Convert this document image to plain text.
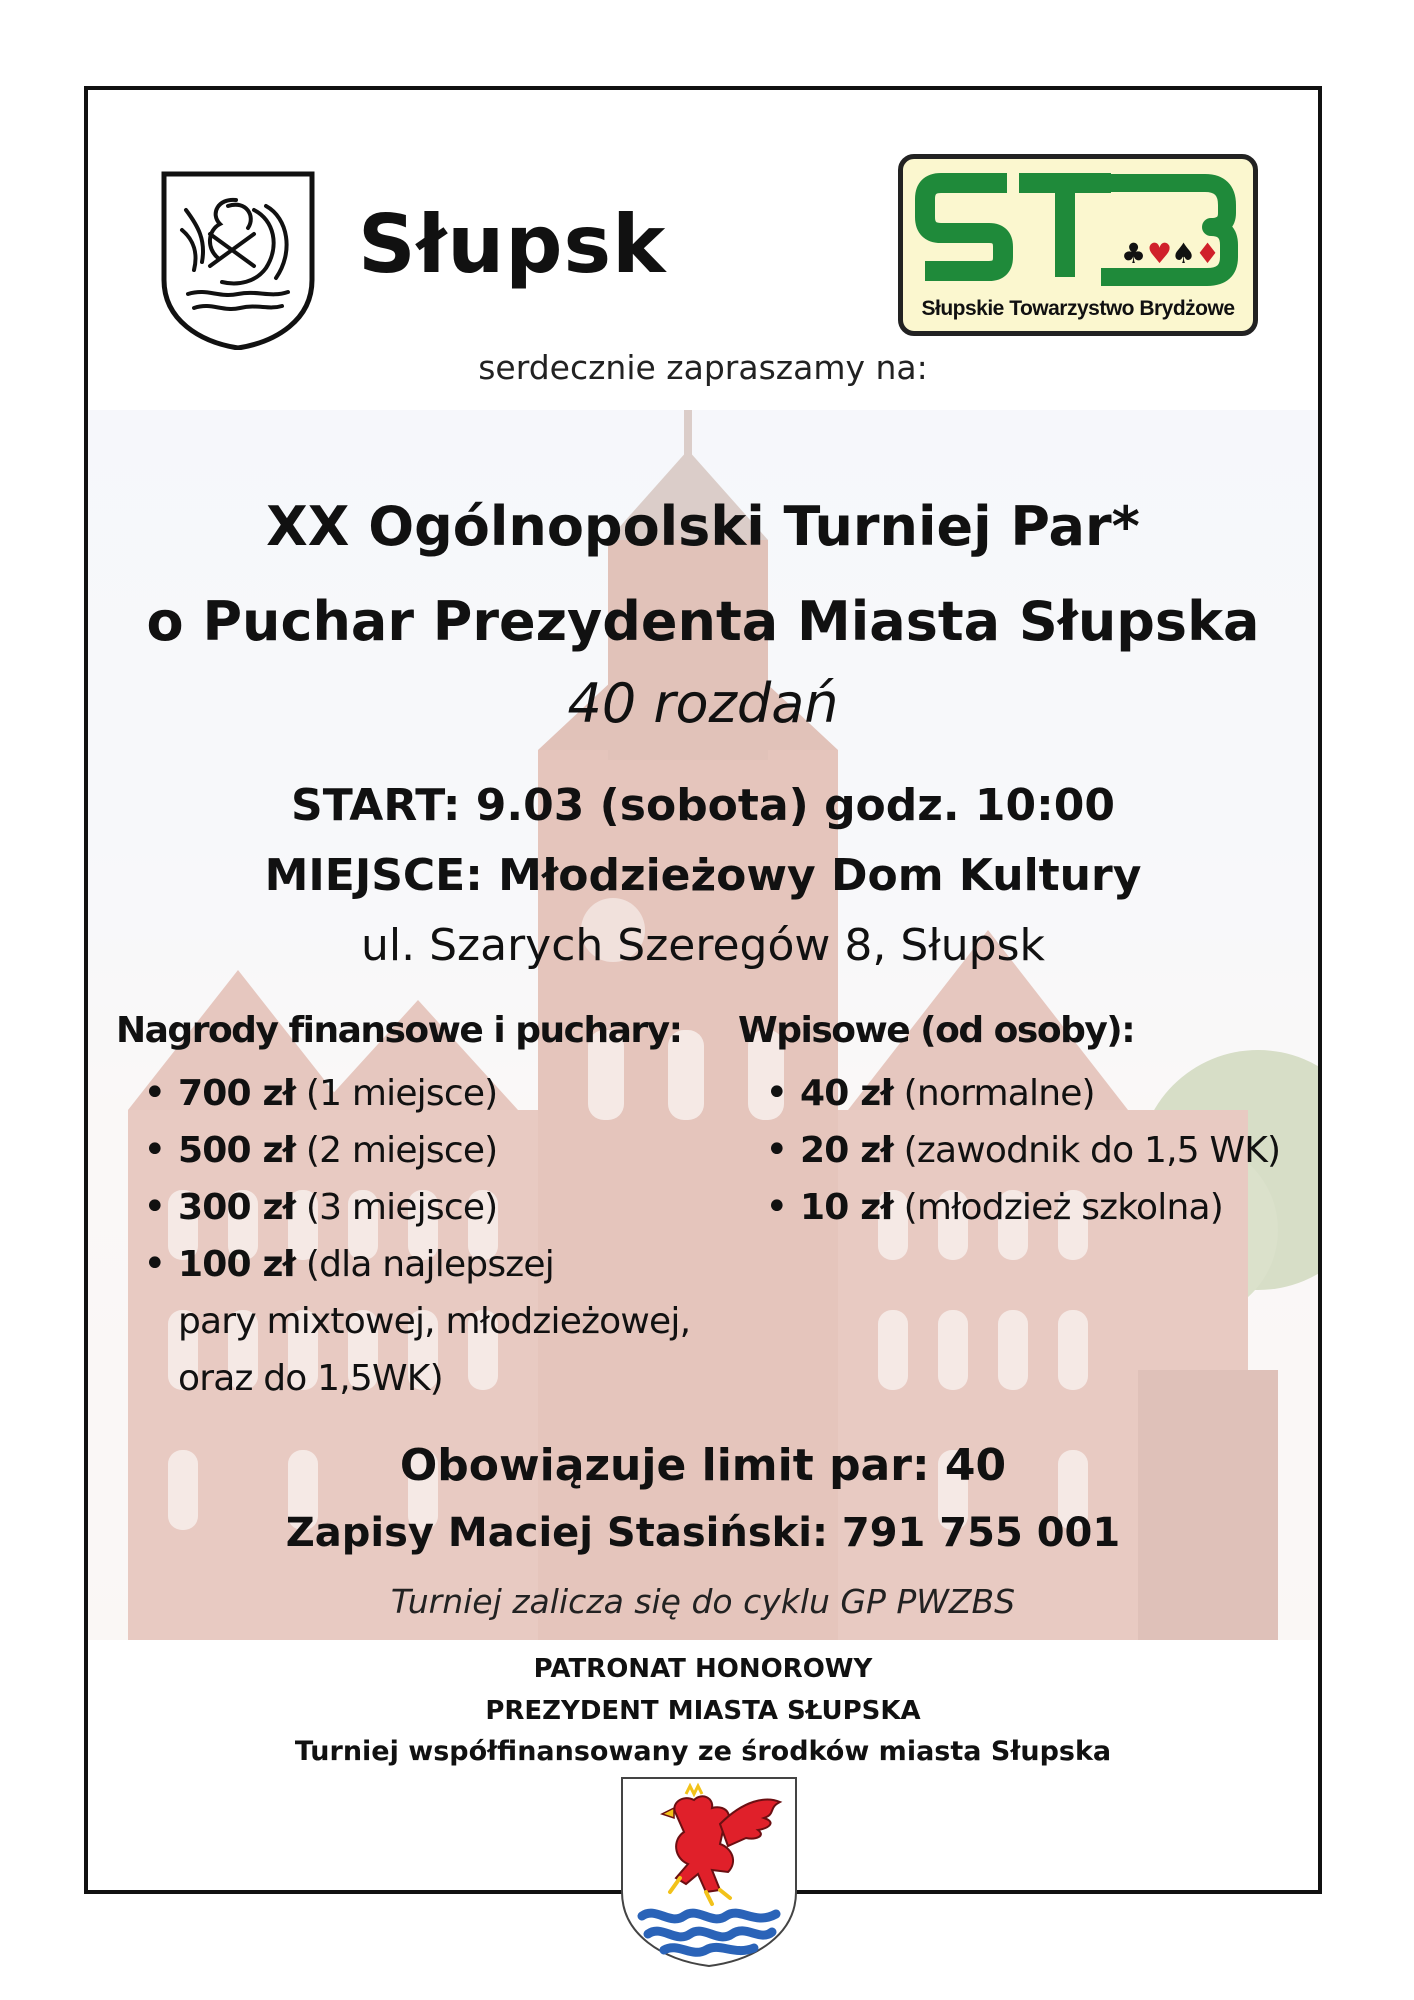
Słupsk	♣ ♥
♠
♦
Słupskie Towarzystwo Brydżowe
serdecznie zapraszamy na:
XX Ogólnopolski Turniej Par*
o Puchar Prezydenta Miasta Słupska
40 rozdań
START: 9.03 (sobota) godz. 10:00
MIEJSCE: Młodzieżowy Dom Kultury
ul. Szarych Szeregów 8, Słupsk
Nagrody finansowe i puchary:
• 700 zł (1 miejsce)
• 500 zł (2 miejsce)
• 300 zł (3 miejsce)
• 100 zł (dla najlepszej
pary mixtowej, młodzieżowej,
oraz do 1,5WK)
Wpisowe (od osoby):
• 40 zł (normalne)
• 20 zł (zawodnik do 1,5 WK)
• 10 zł (młodzież szkolna)
Obowiązuje limit par: 40
Zapisy Maciej Stasiński: 791 755 001
Turniej zalicza się do cyklu GP PWZBS
PATRONAT HONOROWY
PREZYDENT MIASTA SŁUPSKA
Turniej współfinansowany ze środków miasta Słupska
